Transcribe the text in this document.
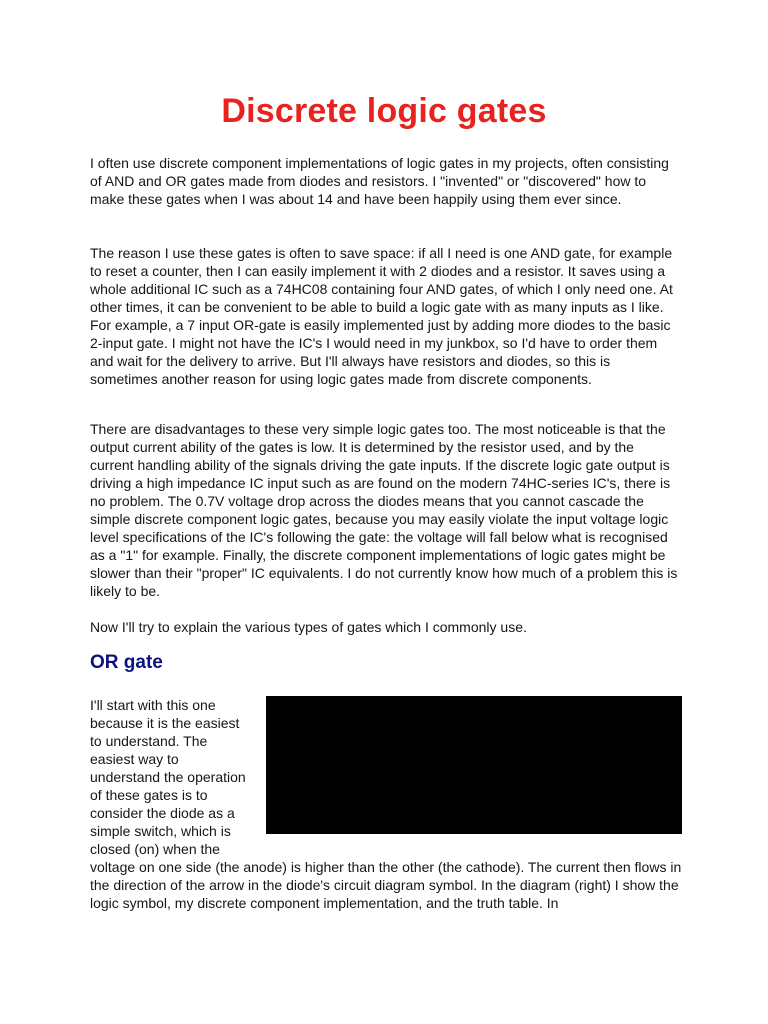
Discrete logic gates

I often use discrete component implementations of logic gates in my projects, often consisting of AND and OR gates made from diodes and resistors. I "invented" or "discovered" how to make these gates when I was about 14 and have been happily using them ever since.

The reason I use these gates is often to save space: if all I need is one AND gate, for example to reset a counter, then I can easily implement it with 2 diodes and a resistor. It saves using a whole additional IC such as a 74HC08 containing four AND gates, of which I only need one. At other times, it can be convenient to be able to build a logic gate with as many inputs as I like. For example, a 7 input OR-gate is easily implemented just by adding more diodes to the basic 2-input gate. I might not have the IC's I would need in my junkbox, so I'd have to order them and wait for the delivery to arrive. But I'll always have resistors and diodes, so this is sometimes another reason for using logic gates made from discrete components.

There are disadvantages to these very simple logic gates too. The most noticeable is that the output current ability of the gates is low. It is determined by the resistor used, and by the current handling ability of the signals driving the gate inputs. If the discrete logic gate output is driving a high impedance IC input such as are found on the modern 74HC-series IC's, there is no problem. The 0.7V voltage drop across the diodes means that you cannot cascade the simple discrete component logic gates, because you may easily violate the input voltage logic level specifications of the IC's following the gate: the voltage will fall below what is recognised as a "1" for example. Finally, the discrete component implementations of logic gates might be slower than their "proper" IC equivalents. I do not currently know how much of a problem this is likely to be.

Now I'll try to explain the various types of gates which I commonly use.

OR gate
I'll start with this one because it is the easiest to understand. The easiest way to understand the operation of these gates is to consider the diode as a simple switch, which is closed (on) when the voltage on one side (the anode) is higher than the other (the cathode). The current then flows in the direction of the arrow in the diode's circuit diagram symbol. In the diagram (right) I show the logic symbol, my discrete component implementation, and the truth table. In
